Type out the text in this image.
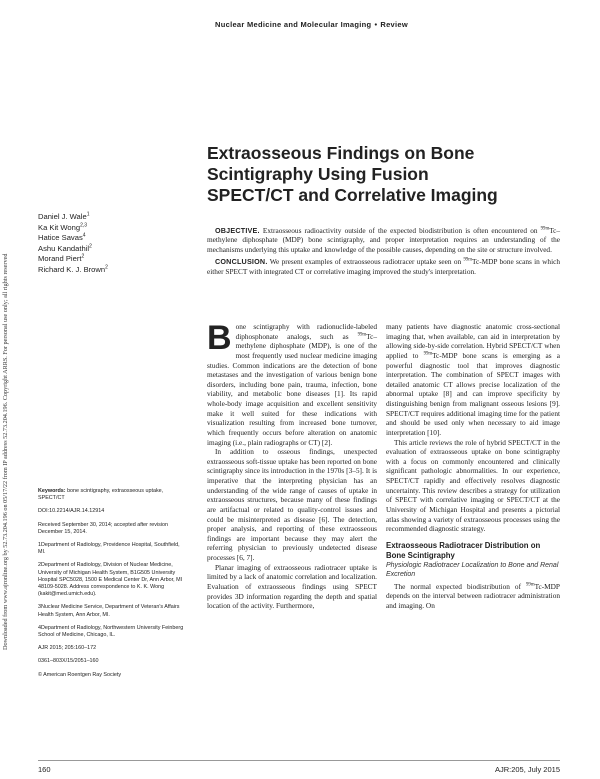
Nuclear Medicine and Molecular Imaging • Review
Downloaded from www.ajronline.org by 52.73.204.196 on 05/17/22 from IP address 52.73.204.196. Copyright ARRS. For personal use only; all rights reserved
Extraosseous Findings on Bone
Scintigraphy Using Fusion
SPECT/CT and Correlative Imaging
Daniel J. Wale$^1$
Ka Kit Wong$^{2,3}$
Hatice Savas$^4$
Ashu Kandathil$^2$
Morand Piert$^2$
Richard K. J. Brown$^2$

OBJECTIVE. Extraosseous radioactivity outside of the expected biodistribution is often encountered on $^{99m}$Tc–methylene diphosphate (MDP) bone scintigraphy, and proper interpretation requires an understanding of the mechanisms underlying this uptake and knowledge of the possible causes, depending on the site or structure involved.

CONCLUSION. We present examples of extraosseous radiotracer uptake seen on $^{99m}$Tc-MDP bone scans in which either SPECT with integrated CT or correlative imaging improved the study's interpretation.

Bone scintigraphy with radionuclide-labeled diphosphonate analogs, such as $^{99m}$Tc–methylene diphosphate (MDP), is one of the most frequently used nuclear medicine imaging studies. Common indications are the detection of bone metastases and the investigation of various benign bone disorders, including bone pain, trauma, infection, bone viability, and metabolic bone diseases [1]. Its rapid whole-body image acquisition and excellent sensitivity make it well suited for these indications with visualization resulting from increased bone turnover, which frequently occurs before alteration on anatomic imaging (i.e., plain radiographs or CT) [2].

In addition to osseous findings, unexpected extraosseous soft-tissue uptake has been reported on bone scintigraphy since its introduction in the 1970s [3–5]. It is imperative that the interpreting physician has an understanding of the wide range of causes of uptake in extraosseous structures, because many of these findings are artifactual or related to quality-control issues and could be misinterpreted as disease [6]. The detection, proper analysis, and reporting of these extraosseous findings are important because they may alert the referring physician to previously undetected disease processes [6, 7].

Planar imaging of extraosseous radiotracer uptake is limited by a lack of anatomic correlation and localization. Evaluation of extraosseous findings using SPECT provides 3D information regarding the depth and spatial location of the activity. Furthermore,

many patients have diagnostic anatomic cross-sectional imaging that, when available, can aid in interpretation by allowing side-by-side correlation. Hybrid SPECT/CT when applied to $^{99m}$Tc-MDP bone scans is emerging as a powerful diagnostic tool that improves diagnostic interpretation. The combination of SPECT images with detailed anatomic CT allows precise localization of the abnormal uptake [8] and can improve specificity by distinguishing benign from malignant osseous lesions [9]. SPECT/CT requires additional imaging time for the patient and should be used only when necessary to aid image interpretation [10].

This article reviews the role of hybrid SPECT/CT in the evaluation of extraosseous uptake on bone scintigraphy with a focus on commonly encountered and clinically significant pathologic abnormalities. In our experience, SPECT/CT rapidly and effectively resolves diagnostic uncertainty. This review describes a strategy for utilization of SPECT with correlative imaging or SPECT/CT at the University of Michigan Hospital and presents a pictorial atlas showing a variety of extraosseous processes using the recommended diagnostic strategy.

Extraosseous Radiotracer Distribution on Bone Scintigraphy
Physiologic Radiotracer Localization to Bone and Renal Excretion

The normal expected biodistribution of $^{99m}$Tc-MDP depends on the interval between radiotracer administration and imaging. On

Keywords: bone scintigraphy, extraosseous uptake, SPECT/CT

DOI:10.2214/AJR.14.12914

Received September 30, 2014; accepted after revision December 15, 2014.

1Department of Radiology, Providence Hospital, Southfield, MI.

2Department of Radiology, Division of Nuclear Medicine, University of Michigan Health System, B1G505 University Hospital SPC5028, 1500 E Medical Center Dr, Ann Arbor, MI 48109-5028. Address correspondence to K. K. Wong (kakit@med.umich.edu).

3Nuclear Medicine Service, Department of Veteran's Affairs Health System, Ann Arbor, MI.

4Department of Radiology, Northwestern University Feinberg School of Medicine, Chicago, IL.

AJR 2015; 205:160–172

0361–803X/15/2051–160

© American Roentgen Ray Society

160	AJR:205, July 2015
